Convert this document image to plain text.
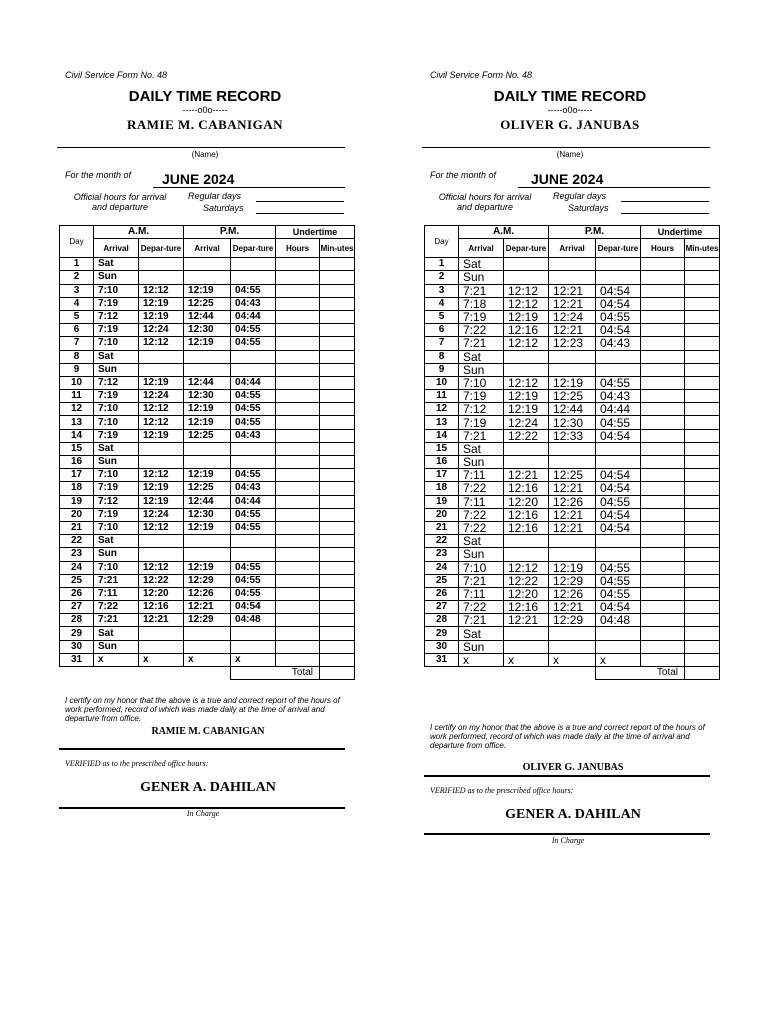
Civil Service Form No. 48
DAILY TIME RECORD
-----o0o-----
RAMIE M. CABANIGAN
(Name)
For the month of JUNE 2024
Official hours for arrival and departure
Regular days
Saturdays
Day	A.M.		P.M.		Undertime	
	Arrival	Depar-ture	Arrival	Depar-ture	Hours	Min-utes
1	Sat					
2	Sun					
3	7:10	12:12	12:19	04:55		
4	7:19	12:19	12:25	04:43		
5	7:12	12:19	12:44	04:44		
6	7:19	12:24	12:30	04:55		
7	7:10	12:12	12:19	04:55		
8	Sat					
9	Sun					
10	7:12	12:19	12:44	04:44		
11	7:19	12:24	12:30	04:55		
12	7:10	12:12	12:19	04:55		
13	7:10	12:12	12:19	04:55		
14	7:19	12:19	12:25	04:43		
15	Sat					
16	Sun					
17	7:10	12:12	12:19	04:55		
18	7:19	12:19	12:25	04:43		
19	7:12	12:19	12:44	04:44		
20	7:19	12:24	12:30	04:55		
21	7:10	12:12	12:19	04:55		
22	Sat					
23	Sun					
24	7:10	12:12	12:19	04:55		
25	7:21	12:22	12:29	04:55		
26	7:11	12:20	12:26	04:55		
27	7:22	12:16	12:21	04:54		
28	7:21	12:21	12:29	04:48		
29	Sat					
30	Sun					
31	x	x	x	x		
				Total		
I certify on my honor that the above is a true and correct report of the hours of work performed, record of which was made daily at the time of arrival and departure from office.
RAMIE M. CABANIGAN
VERIFIED as to the prescribed office hours:
GENER A. DAHILAN
In Charge
Civil Service Form No. 48
DAILY TIME RECORD
-----o0o-----
OLIVER G. JANUBAS
(Name)
For the month of JUNE 2024
Official hours for arrival and departure
Regular days
Saturdays
Day	A.M.		P.M.		Undertime	
	Arrival	Depar-ture	Arrival	Depar-ture	Hours	Min-utes
1	Sat					
2	Sun					
3	7:21	12:12	12:21	04:54		
4	7:18	12:12	12:21	04:54		
5	7:19	12:19	12:24	04:55		
6	7:22	12:16	12:21	04:54		
7	7:21	12:12	12:23	04:43		
8	Sat					
9	Sun					
10	7:10	12:12	12:19	04:55		
11	7:19	12:19	12:25	04:43		
12	7:12	12:19	12:44	04:44		
13	7:19	12:24	12:30	04:55		
14	7:21	12:22	12:33	04:54		
15	Sat					
16	Sun					
17	7:11	12:21	12:25	04:54		
18	7:22	12:16	12:21	04:54		
19	7:11	12:20	12:26	04:55		
20	7:22	12:16	12:21	04:54		
21	7:22	12:16	12:21	04:54		
22	Sat					
23	Sun					
24	7:10	12:12	12:19	04:55		
25	7:21	12:22	12:29	04:55		
26	7:11	12:20	12:26	04:55		
27	7:22	12:16	12:21	04:54		
28	7:21	12:21	12:29	04:48		
29	Sat					
30	Sun					
31	x	x	x	x		
				Total		
I certify on my honor that the above is a true and correct report of the hours of work performed, record of which was made daily at the time of arrival and departure from office.
OLIVER G. JANUBAS
VERIFIED as to the prescribed office hours:
GENER A. DAHILAN
In Charge
